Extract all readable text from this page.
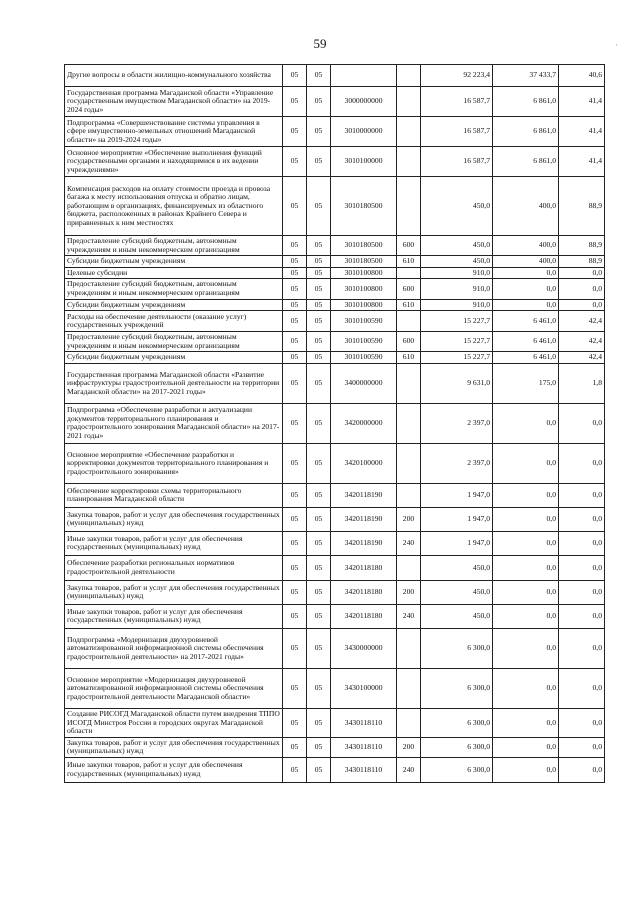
59
Другие вопросы в области жилищно-коммунального хозяйства	05	05			92 223,4	37 433,7	40,6
Государственная программа Магаданской области «Управление государственным имуществом Магаданской области» на 2019-2024 годы»	05	05	3000000000		16 587,7	6 861,0	41,4
Подпрограмма «Совершенствование системы управления в сфере имущественно-земельных отношений Магаданской области» на 2019-2024 годы»	05	05	3010000000		16 587,7	6 861,0	41,4
Основное мероприятие «Обеспечение выполнения функций государственными органами и находящимися в их ведении учреждениями»	05	05	3010100000		16 587,7	6 861,0	41,4
Компенсация расходов на оплату стоимости проезда и провоза багажа к месту использования отпуска и обратно лицам, работающим в организациях, финансируемых из областного бюджета, расположенных в районах Крайнего Севера и приравненных к ним местностях	05	05	3010180500		450,0	400,0	88,9
Предоставление субсидий бюджетным, автономным учреждениям и иным некоммерческим организациям	05	05	3010180500	600	450,0	400,0	88,9
Субсидии бюджетным учреждениям	05	05	3010180500	610	450,0	400,0	88,9
Целевые субсидии	05	05	3010100800		910,0	0,0	0,0
Предоставление субсидий бюджетным, автономным учреждениям и иным некоммерческим организациям	05	05	3010100800	600	910,0	0,0	0,0
Субсидии бюджетным учреждениям	05	05	3010100800	610	910,0	0,0	0,0
Расходы на обеспечение деятельности (оказание услуг) государственных учреждений	05	05	3010100590		15 227,7	6 461,0	42,4
Предоставление субсидий бюджетным, автономным учреждениям и иным некоммерческим организациям	05	05	3010100590	600	15 227,7	6 461,0	42,4
Субсидии бюджетным учреждениям	05	05	3010100590	610	15 227,7	6 461,0	42,4
Государственная программа Магаданской области «Развитие инфраструктуры градостроительной деятельности на территории Магаданской области» на 2017-2021 годы»	05	05	3400000000		9 631,0	175,0	1,8
Подпрограмма «Обеспечение разработки и актуализации документов территориального планирования и градостроительного зонирования Магаданской области» на 2017-2021 годы»	05	05	3420000000		2 397,0	0,0	0,0
Основное мероприятие «Обеспечение разработки и корректировки документов территориального планирования и градостроительного зонирования»	05	05	3420100000		2 397,0	0,0	0,0
Обеспечение корректировки схемы территориального планирования Магаданской области	05	05	3420118190		1 947,0	0,0	0,0
Закупка товаров, работ и услуг для обеспечения государственных (муниципальных) нужд	05	05	3420118190	200	1 947,0	0,0	0,0
Иные закупки товаров, работ и услуг для обеспечения государственных (муниципальных) нужд	05	05	3420118190	240	1 947,0	0,0	0,0
Обеспечение разработки региональных нормативов градостроительной деятельности	05	05	3420118180		450,0	0,0	0,0
Закупка товаров, работ и услуг для обеспечения государственных (муниципальных) нужд	05	05	3420118180	200	450,0	0,0	0,0
Иные закупки товаров, работ и услуг для обеспечения государственных (муниципальных) нужд	05	05	3420118180	240	450,0	0,0	0,0
Подпрограмма «Модернизация двухуровневой автоматизированной информационной системы обеспечения градостроительной деятельности» на 2017-2021 годы»	05	05	3430000000		6 300,0	0,0	0,0
Основное мероприятие «Модернизация двухуровневой автоматизированной информационной системы обеспечения градостроительной деятельности Магаданской области»	05	05	3430100000		6 300,0	0,0	0,0
Создание РИСОГД Магаданской области путем внедрения ТППО ИСОГД Минстроя России в городских округах Магаданской области	05	05	3430118110		6 300,0	0,0	0,0
Закупка товаров, работ и услуг для обеспечения государственных (муниципальных) нужд	05	05	3430118110	200	6 300,0	0,0	0,0
Иные закупки товаров, работ и услуг для обеспечения государственных (муниципальных) нужд	05	05	3430118110	240	6 300,0	0,0	0,0
·
